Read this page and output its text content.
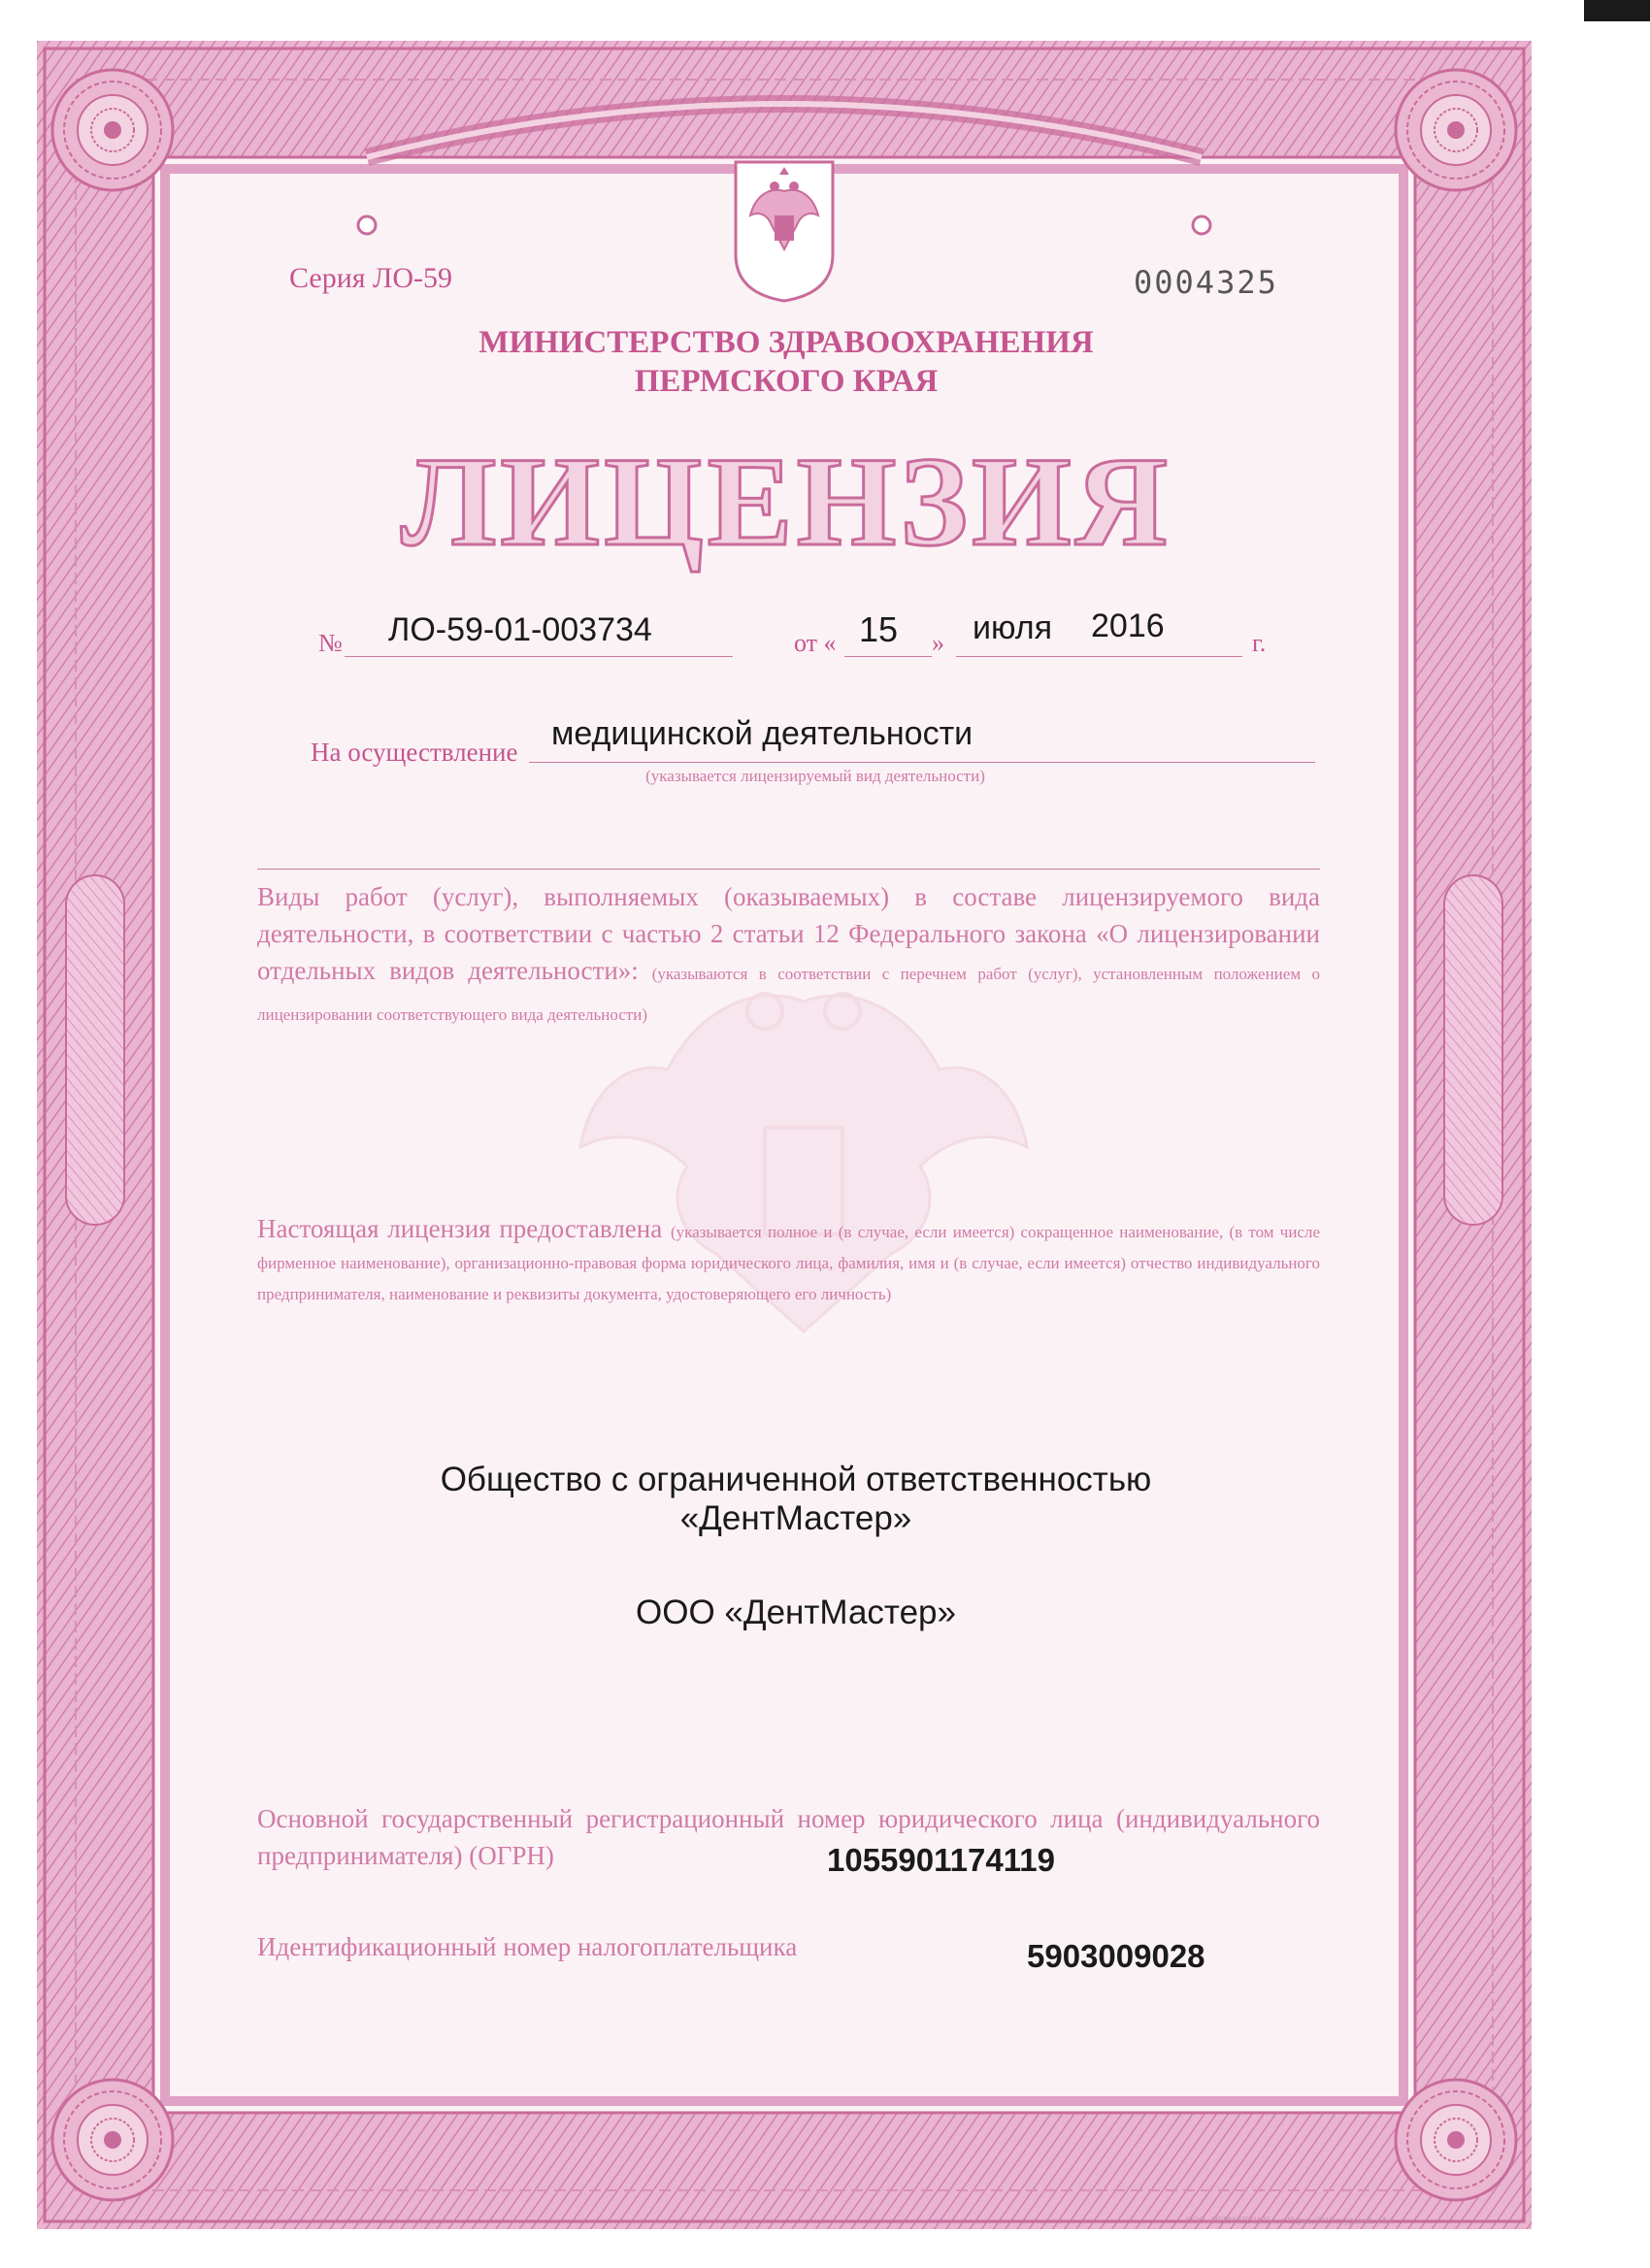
Серия ЛО-59	0004325
МИНИСТЕРСТВО ЗДРАВООХРАНЕНИЯ
ПЕРМСКОГО КРАЯ
ЛИЦЕНЗИЯ
№ ЛО-59-01-003734	от « 15 » июля 2016	г.
На осуществление медицинской деятельности
(указывается лицензируемый вид деятельности)
Виды работ (услуг), выполняемых (оказываемых) в составе лицензируемого вида деятельности, в соответствии с частью 2 статьи 12 Федерального закона «О лицензировании отдельных видов деятельности»: (указываются в соответствии с перечнем работ (услуг), установленным положением о лицензировании соответствующего вида деятельности)
Настоящая лицензия предоставлена (указывается полное и (в случае, если имеется) сокращенное наименование, (в том числе фирменное наименование), организационно-правовая форма юридического лица, фамилия, имя и (в случае, если имеется) отчество индивидуального предпринимателя, наименование и реквизиты документа, удостоверяющего его личность)
Общество с ограниченной ответственностью
«ДентМастер»
ООО «ДентМастер»
Основной государственный регистрационный номер юридического лица (индивидуального предпринимателя) (ОГРН)	1055901174119
Идентификационный номер налогоплательщика	5903009028
ООО «ПЕРМ-ПЕЧАТЬ», г. Пермь, 2015 г., уровень «А»
